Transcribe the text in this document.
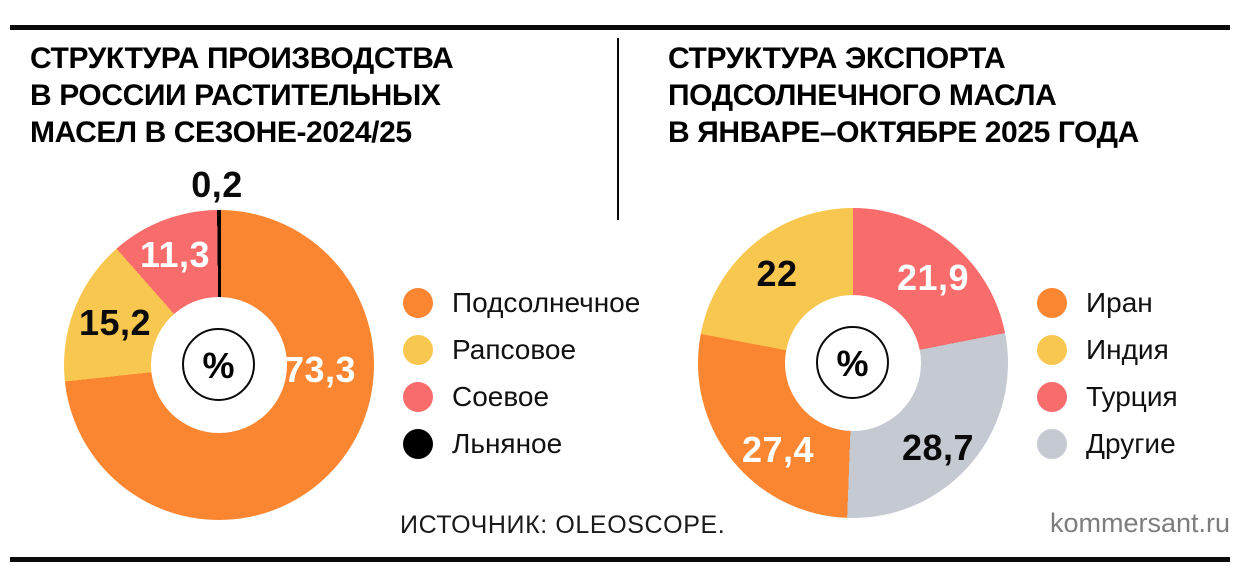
СТРУКТУРА ПРОИЗВОДСТВА
В РОССИИ РАСТИТЕЛЬНЫХ
МАСЕЛ В СЕЗОНЕ-2024/25
% 73,3
15,2
11,3
0,2
Подсолнечное
Рапсовое
Соевое
Льняное
СТРУКТУРА ЭКСПОРТА
ПОДСОЛНЕЧНОГО МАСЛА
В ЯНВАРЕ–ОКТЯБРЕ 2025 ГОДА
%
27,4
22	21,9
28,7
Иран
Индия
Турция
Другие
ИСТОЧНИК: OLEOSCOPE.	kommersant.ru
